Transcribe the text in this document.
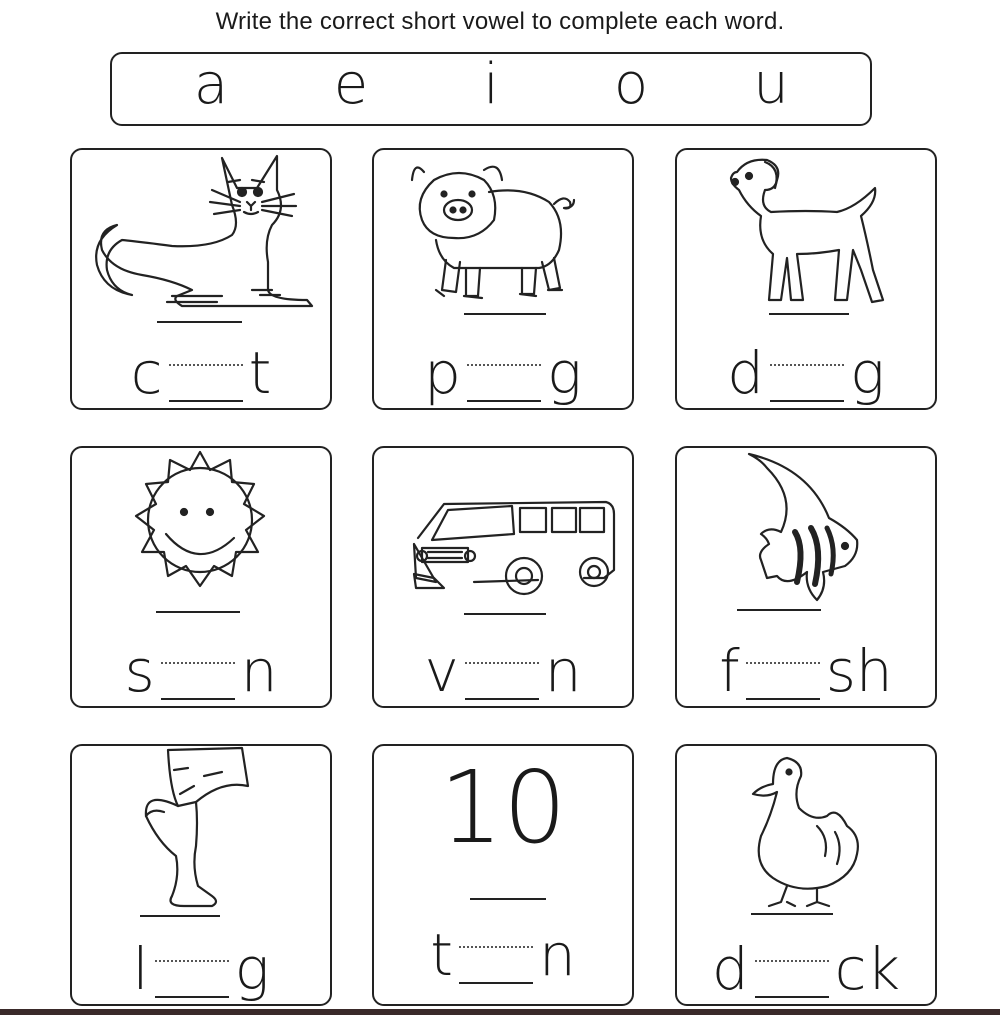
Write the correct short vowel to complete each word.
a	e	i	o	u
c t	p g	d g
s n	v n f sh
l g
10
t n d ck
